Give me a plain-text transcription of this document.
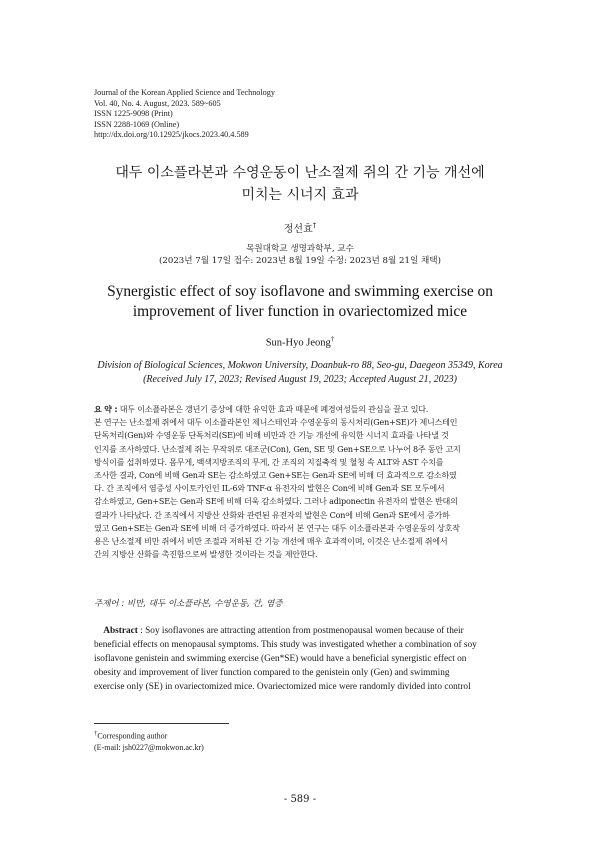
Journal of the Korean Applied Science and Technology
Vol. 40, No. 4. August, 2023. 589~605
ISSN 1225-9098 (Print)
ISSN 2288-1069 (Online)
http://dx.doi.org/10.12925/jkocs.2023.40.4.589
대두 이소플라본과 수영운동이 난소절제 쥐의 간 기능 개선에
미치는 시너지 효과
정선효†
목원대학교 생명과학부, 교수
(2023년 7월 17일 접수: 2023년 8월 19일 수정: 2023년 8월 21일 채택)
Synergistic effect of soy isoflavone and swimming exercise on
improvement of liver function in ovariectomized mice
Sun-Hyo Jeong†
Division of Biological Sciences, Mokwon University, Doanbuk-ro 88, Seo-gu, Daegeon 35349, Korea
(Received July 17, 2023; Revised August 19, 2023; Accepted August 21, 2023)
요 약 : 대두 이소플라본은 갱년기 증상에 대한 유익한 효과 때문에 폐경여성들의 관심을 끌고 있다.
본 연구는 난소절제 쥐에서 대두 이소플라본인 제니스테인과 수영운동의 동시처리(Gen+SE)가 제니스테인
단독처리(Gen)와 수영운동 단독처리(SE)에 비해 비만과 간 기능 개선에 유익한 시너지 효과를 나타낼 것
인지를 조사하였다. 난소절제 쥐는 무작위로 대조군(Con), Gen, SE 및 Gen+SE으로 나누어 8주 동안 고지
방식이를 섭취하였다. 몸무게, 백색지방조직의 무게, 간 조직의 지질축적 및 혈청 속 ALT와 AST 수치를
조사한 결과, Con에 비해 Gen과 SE는 감소하였고 Gen+SE는 Gen과 SE에 비해 더 효과적으로 감소하였
다. 간 조직에서 염증성 사이토카인인 IL-6와 TNF-α 유전자의 발현은 Con에 비해 Gen과 SE 모두에서
감소하였고, Gen+SE는 Gen과 SE에 비해 더욱 감소하였다. 그러나 adiponectin 유전자의 발현은 반대의
결과가 나타났다. 간 조직에서 지방산 산화와 관련된 유전자의 발현은 Con에 비해 Gen과 SE에서 증가하
였고 Gen+SE는 Gen과 SE에 비해 더 증가하였다. 따라서 본 연구는 대두 이소플라본과 수영운동의 상호작
용은 난소절제 비만 쥐에서 비만 조절과 저하된 간 기능 개선에 매우 효과적이며, 이것은 난소절제 쥐에서
간의 지방산 산화를 촉진함으로써 발생한 것이라는 것을 제안한다.
주제어 : 비만, 대두 이소플라본, 수영운동, 간, 염증
Abstract : Soy isoflavones are attracting attention from postmenopausal women because of their
beneficial effects on menopausal symptoms. This study was investigated whether a combination of soy
isoflavone genistein and swimming exercise (Gen*SE) would have a beneficial synergistic effect on
obesity and improvement of liver function compared to the genistein only (Gen) and swimming
exercise only (SE) in ovariectomized mice. Ovariectomized mice were randomly divided into control
†Corresponding author
(E-mail: jsh0227@mokwon.ac.kr)
- 589 -
